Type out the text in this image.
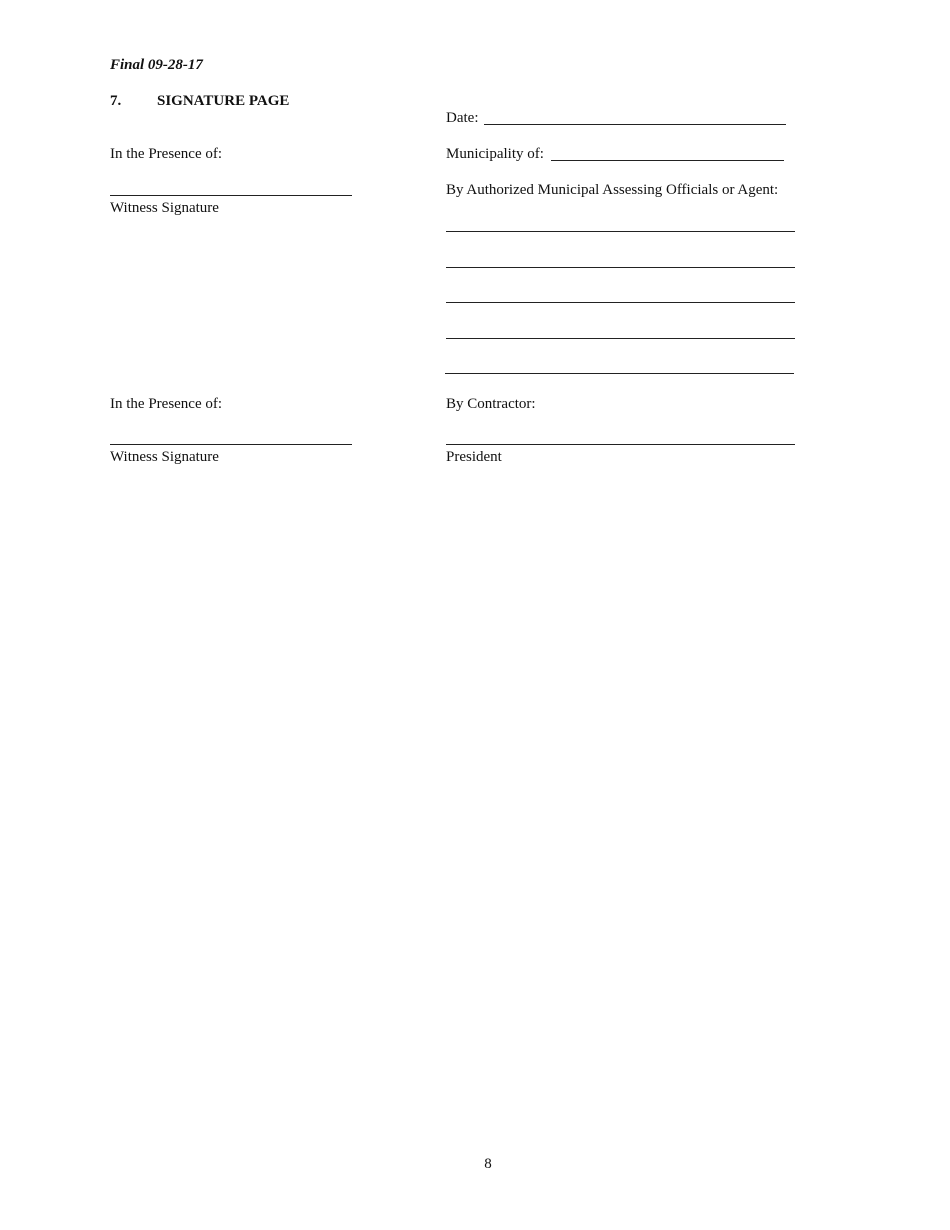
Final 09-28-17
7. SIGNATURE PAGE
Date:
In the Presence of:	Municipality of:
Witness Signature
By Authorized Municipal Assessing Officials or Agent:
In the Presence of:	By Contractor:
Witness Signature	President
8
